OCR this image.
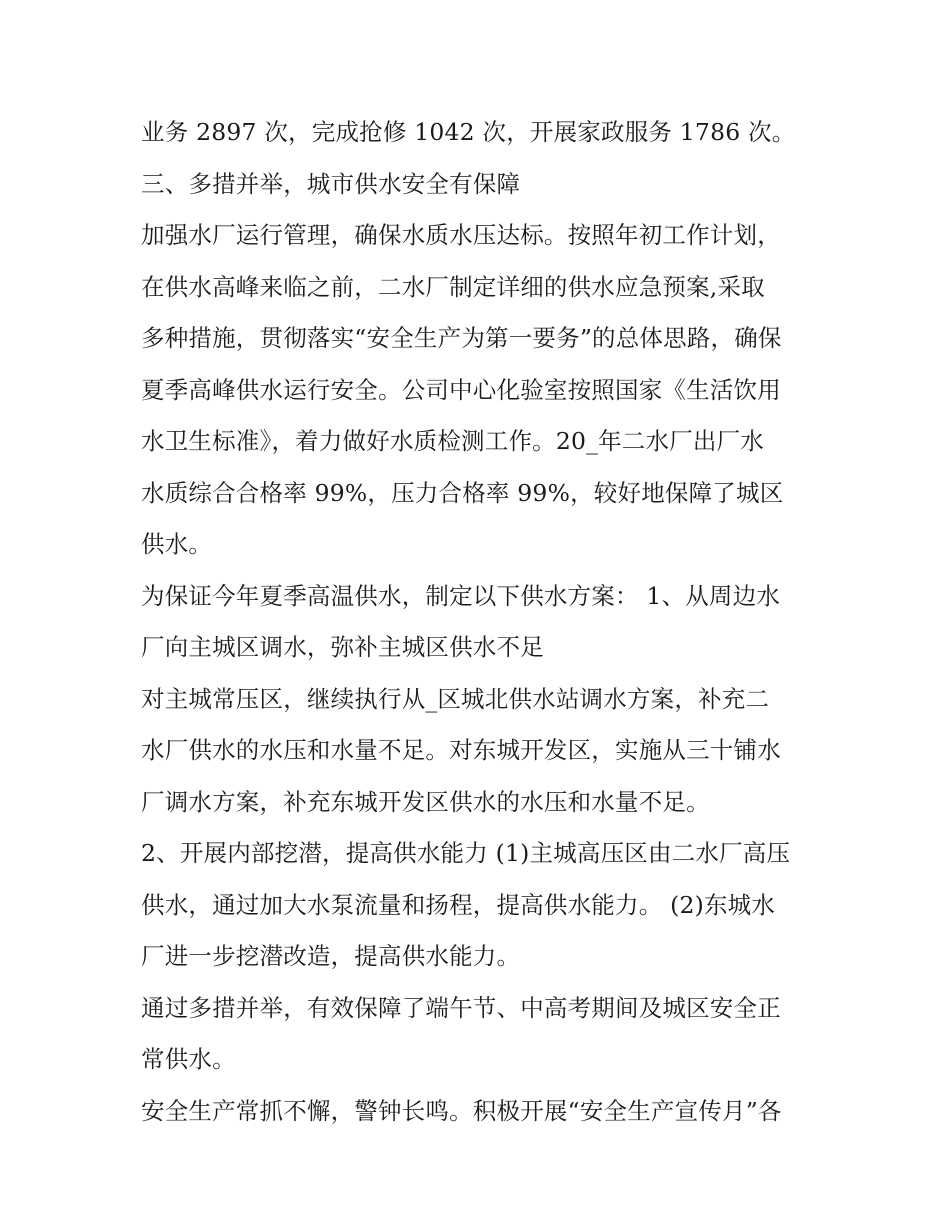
业务 2897 次，完成抢修 1042 次，开展家政服务 1786 次。
三、多措并举，城市供水安全有保障
加强水厂运行管理，确保水质水压达标。按照年初工作计划，
在供水高峰来临之前，二水厂制定详细的供水应急预案,采取
多种措施，贯彻落实“安全生产为第一要务”的总体思路，确保
夏季高峰供水运行安全。公司中心化验室按照国家《生活饮用
水卫生标准》，着力做好水质检测工作。20_年二水厂出厂水
水质综合合格率 99%，压力合格率 99%，较好地保障了城区
供水。
为保证今年夏季高温供水，制定以下供水方案： 1、从周边水
厂向主城区调水，弥补主城区供水不足
对主城常压区，继续执行从_区城北供水站调水方案，补充二
水厂供水的水压和水量不足。对东城开发区，实施从三十铺水
厂调水方案，补充东城开发区供水的水压和水量不足。
2、开展内部挖潜，提高供水能力 (1)主城高压区由二水厂高压
供水，通过加大水泵流量和扬程，提高供水能力。 (2)东城水
厂进一步挖潜改造，提高供水能力。
通过多措并举，有效保障了端午节、中高考期间及城区安全正
常供水。
安全生产常抓不懈，警钟长鸣。积极开展“安全生产宣传月”各
